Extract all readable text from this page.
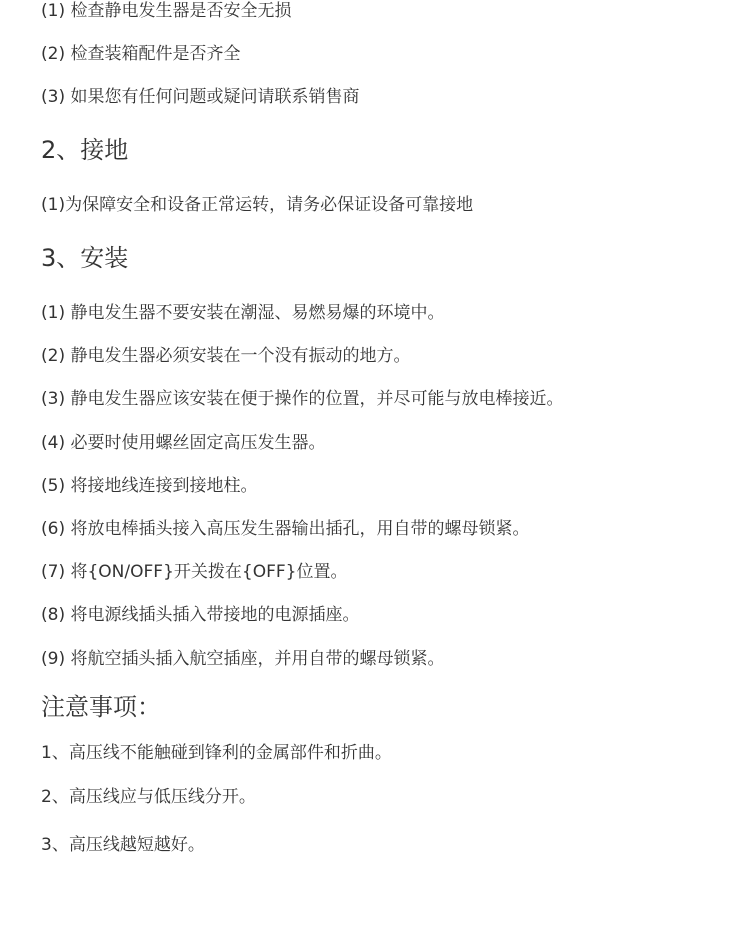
(1) 检查静电发生器是否安全无损
(2) 检查装箱配件是否齐全
(3) 如果您有任何问题或疑问请联系销售商
2、接地
(1)为保障安全和设备正常运转，请务必保证设备可靠接地
3、安装
(1) 静电发生器不要安装在潮湿、易燃易爆的环境中。
(2) 静电发生器必须安装在一个没有振动的地方。
(3) 静电发生器应该安装在便于操作的位置，并尽可能与放电棒接近。
(4) 必要时使用螺丝固定高压发生器。
(5) 将接地线连接到接地柱。
(6) 将放电棒插头接入高压发生器输出插孔，用自带的螺母锁紧。
(7) 将{ON/OFF}开关拨在{OFF}位置。
(8) 将电源线插头插入带接地的电源插座。
(9) 将航空插头插入航空插座，并用自带的螺母锁紧。
注意事项：
1、高压线不能触碰到锋利的金属部件和折曲。
2、高压线应与低压线分开。
3、高压线越短越好。
